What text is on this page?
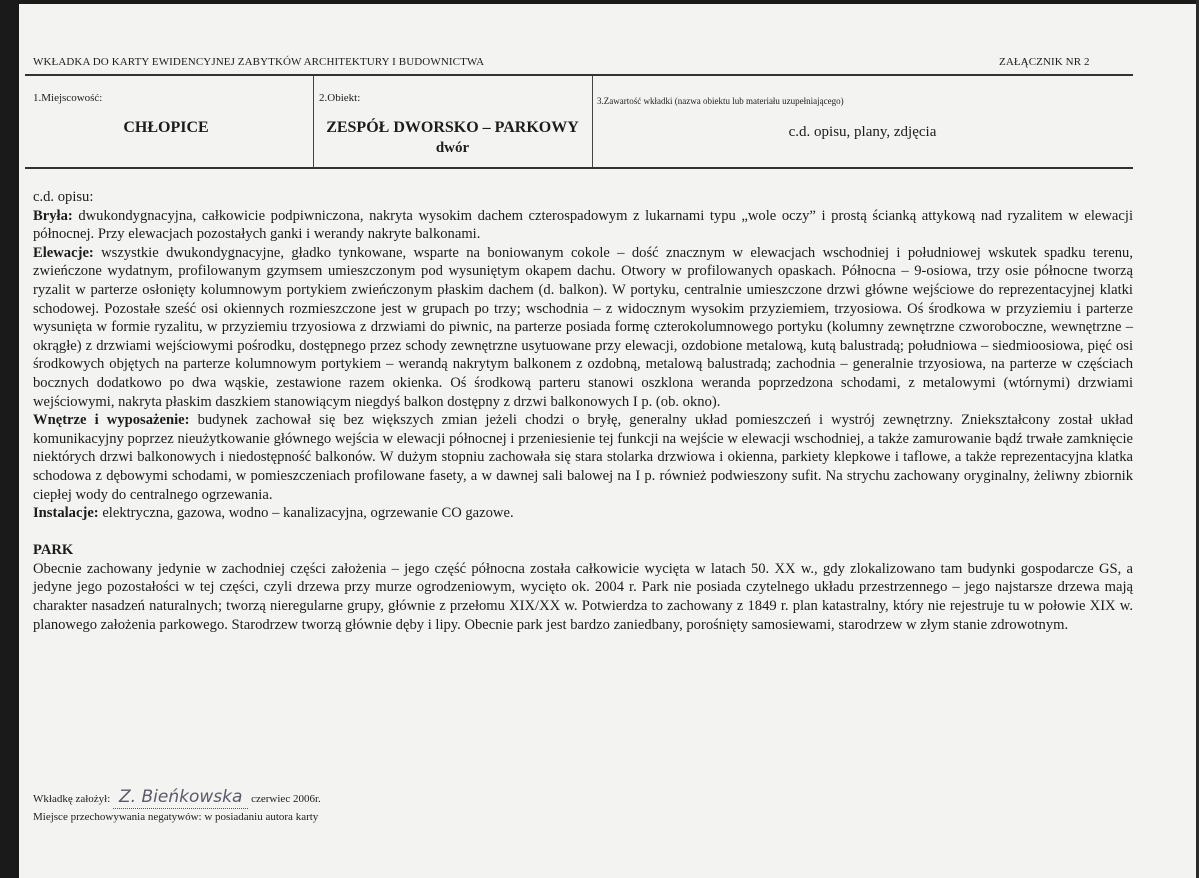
WKŁADKA DO KARTY EWIDENCYJNEJ ZABYTKÓW ARCHITEKTURY I BUDOWNICTWA	ZAŁĄCZNIK NR 2
1.Miejscowość:
CHŁOPICE
2.Obiekt:
ZESPÓŁ DWORSKO – PARKOWY
dwór
3.Zawartość wkładki (nazwa obiektu lub materiału uzupełniającego)
c.d. opisu, plany, zdjęcia

c.d. opisu:

Bryła: dwukondygnacyjna, całkowicie podpiwniczona, nakryta wysokim dachem czterospadowym z lukarnami typu „wole oczy” i prostą ścianką attykową nad ryzalitem w elewacji północnej. Przy elewacjach pozostałych ganki i werandy nakryte balkonami.

Elewacje: wszystkie dwukondygnacyjne, gładko tynkowane, wsparte na boniowanym cokole – dość znacznym w elewacjach wschodniej i południowej wskutek spadku terenu, zwieńczone wydatnym, profilowanym gzymsem umieszczonym pod wysuniętym okapem dachu. Otwory w profilowanych opaskach. Północna – 9-osiowa, trzy osie północne tworzą ryzalit w parterze osłonięty kolumnowym portykiem zwieńczonym płaskim dachem (d. balkon). W portyku, centralnie umieszczone drzwi główne wejściowe do reprezentacyjnej klatki schodowej. Pozostałe sześć osi okiennych rozmieszczone jest w grupach po trzy; wschodnia – z widocznym wysokim przyziemiem, trzyosiowa. Oś środkowa w przyziemiu i parterze wysunięta w formie ryzalitu, w przyziemiu trzyosiowa z drzwiami do piwnic, na parterze posiada formę czterokolumnowego portyku (kolumny zewnętrzne czworoboczne, wewnętrzne – okrągłe) z drzwiami wejściowymi pośrodku, dostępnego przez schody zewnętrzne usytuowane przy elewacji, ozdobione metalową, kutą balustradą; południowa – siedmioosiowa, pięć osi środkowych objętych na parterze kolumnowym portykiem – werandą nakrytym balkonem z ozdobną, metalową balustradą; zachodnia – generalnie trzyosiowa, na parterze w częściach bocznych dodatkowo po dwa wąskie, zestawione razem okienka. Oś środkową parteru stanowi oszklona weranda poprzedzona schodami, z metalowymi (wtórnymi) drzwiami wejściowymi, nakryta płaskim daszkiem stanowiącym niegdyś balkon dostępny z drzwi balkonowych I p. (ob. okno).

Wnętrze i wyposażenie: budynek zachował się bez większych zmian jeżeli chodzi o bryłę, generalny układ pomieszczeń i wystrój zewnętrzny. Zniekształcony został układ komunikacyjny poprzez nieużytkowanie głównego wejścia w elewacji północnej i przeniesienie tej funkcji na wejście w elewacji wschodniej, a także zamurowanie bądź trwałe zamknięcie niektórych drzwi balkonowych i niedostępność balkonów. W dużym stopniu zachowała się stara stolarka drzwiowa i okienna, parkiety klepkowe i taflowe, a także reprezentacyjna klatka schodowa z dębowymi schodami, w pomieszczeniach profilowane fasety, a w dawnej sali balowej na I p. również podwieszony sufit. Na strychu zachowany oryginalny, żeliwny zbiornik ciepłej wody do centralnego ogrzewania.

Instalacje: elektryczna, gazowa, wodno – kanalizacyjna, ogrzewanie CO gazowe.

PARK

Obecnie zachowany jedynie w zachodniej części założenia – jego część północna została całkowicie wycięta w latach 50. XX w., gdy zlokalizowano tam budynki gospodarcze GS, a jedyne jego pozostałości w tej części, czyli drzewa przy murze ogrodzeniowym, wycięto ok. 2004 r. Park nie posiada czytelnego układu przestrzennego – jego najstarsze drzewa mają charakter nasadzeń naturalnych; tworzą nieregularne grupy, głównie z przełomu XIX/XX w. Potwierdza to zachowany z 1849 r. plan katastralny, który nie rejestruje tu w połowie XIX w. planowego założenia parkowego. Starodrzew tworzą głównie dęby i lipy. Obecnie park jest bardzo zaniedbany, porośnięty samosiewami, starodrzew w złym stanie zdrowotnym.

Wkładkę założył: Z. Bieńkowska czerwiec 2006r.
Miejsce przechowywania negatywów: w posiadaniu autora karty
